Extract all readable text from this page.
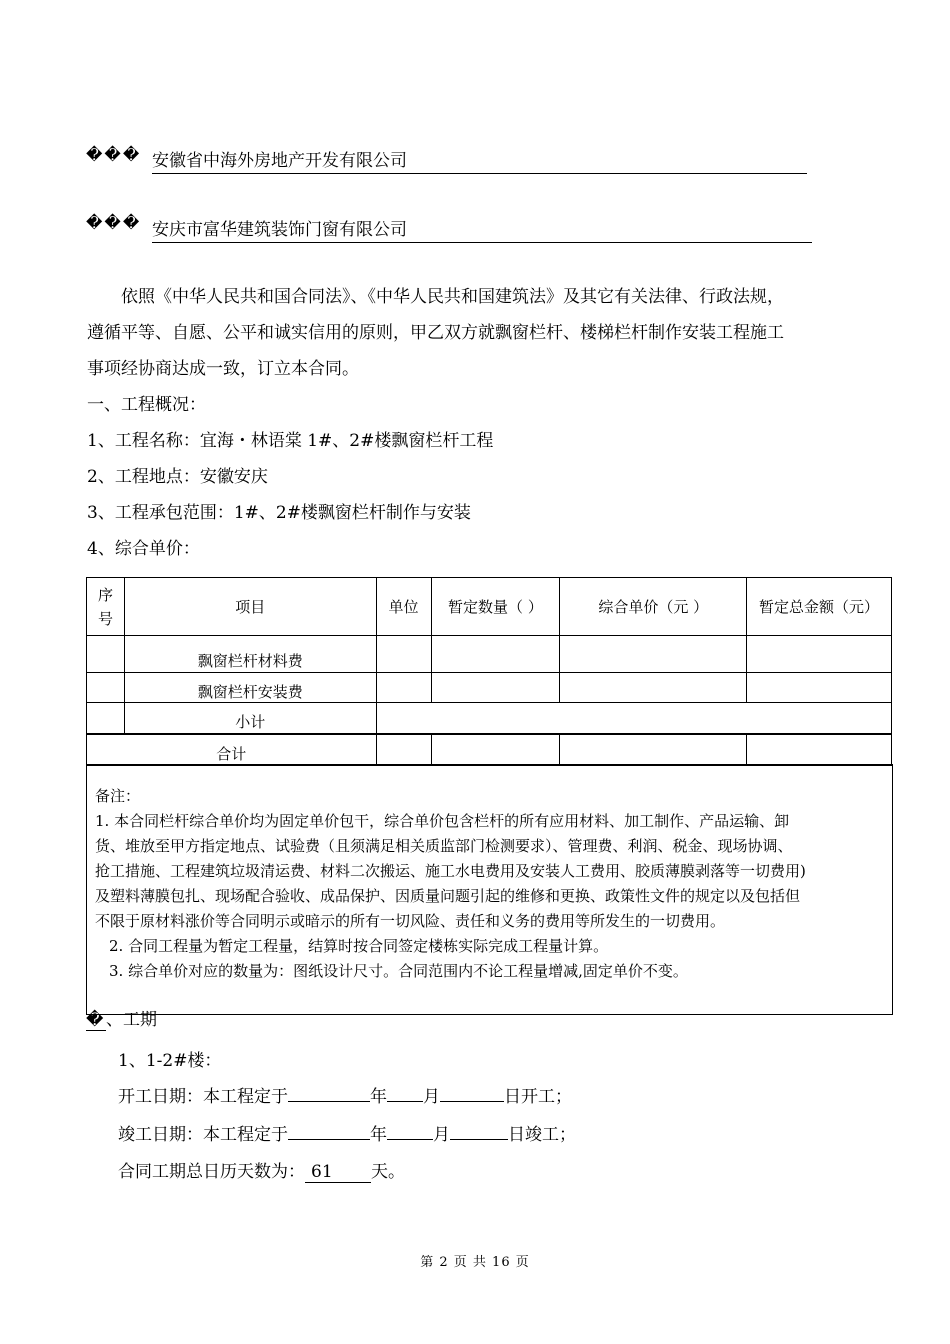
��� 安徽省中海外房地产开发有限公司
��� 安庆市富华建筑装饰门窗有限公司

依照《中华人民共和国合同法》、《中华人民共和国建筑法》及其它有关法律、行政法规，

遵循平等、自愿、公平和诚实信用的原则，甲乙双方就飘窗栏杆、楼梯栏杆制作安装工程施工

事项经协商达成一致，订立本合同。

一、工程概况：

1、工程名称：宜海・林语棠 1#、2#楼飘窗栏杆工程

2、工程地点：安徽安庆

3、工程承包范围：1#、2#楼飘窗栏杆制作与安装

4、综合单价：

序号	项目	单位	暂定数量（ ）	综合单价（元 ）	暂定总金额（元）
	飘窗栏杆材料费				
	飘窗栏杆安装费				
	小计				
合计					

备注：

1. 本合同栏杆综合单价均为固定单价包干，综合单价包含栏杆的所有应用材料、加工制作、产品运输、卸

货、堆放至甲方指定地点、试验费（且须满足相关质监部门检测要求）、管理费、利润、税金、现场协调、

抢工措施、工程建筑垃圾清运费、材料二次搬运、施工水电费用及安装人工费用、胶质薄膜剥落等一切费用)

及塑料薄膜包扎、现场配合验收、成品保护、因质量问题引起的维修和更换、政策性文件的规定以及包括但

不限于原材料涨价等合同明示或暗示的所有一切风险、责任和义务的费用等所发生的一切费用。

2. 合同工程量为暂定工程量，结算时按合同签定楼栋实际完成工程量计算。

3. 综合单价对应的数量为：图纸设计尺寸。合同范围内不论工程量增减,固定单价不变。

� 、工期
1、1-2#楼：
开工日期：本工程定于	年 月	日开工；
竣工日期：本工程定于	年	月	日竣工；
合同工期总日历天数为： 61 天。
第 2 页 共 16 页
